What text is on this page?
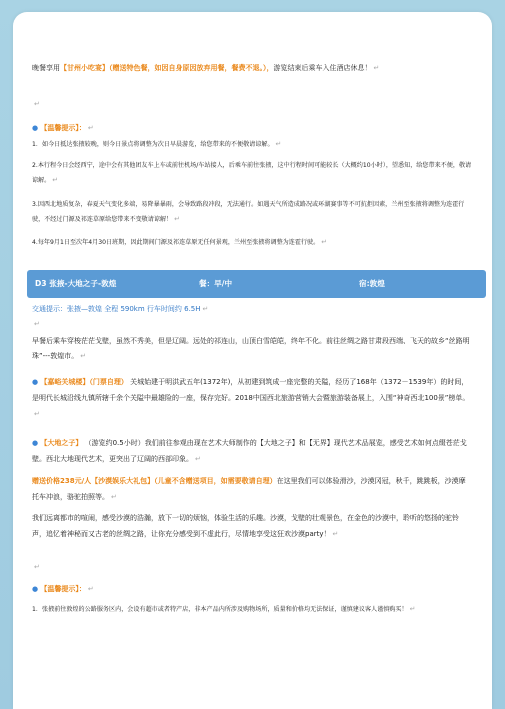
晚餐享用【甘州小吃宴】（赠送特色餐，如因自身原因放弃用餐，餐费不退。），游览结束后乘车入住酒店休息！ ↵
↵
● 【温馨提示】： ↵
1．如今日抵达张掖较晚，则今日景点将调整为次日早晨游览，给您带来的不便敬请谅解。 ↵
2.本行程今日会经西宁，途中会有其他团友车上车或前往机场/车站接人，后乘车前往张掖，这中行程时间可能较长（大概约10小时），望悉知，给您带来不便，敬请谅解。 ↵
3.因西北地质复杂，春夏天气变化多端，易降暴暴雨，会导致路段冲段，无法通行。如遇天气所造成路况或环湖赛事等不可抗拒因素，兰州至张掖将调整为连霍行驶，不经过门源及祁连草原给您带来不变敬请谅解！ ↵
4.每年9月1日至次年4月30日班期，因此期间门源及祁连草原无任何景观，兰州至张掖将调整为连霍行驶。 ↵
D3 张掖-大地之子-敦煌	餐：早/中	宿:敦煌
交通提示：张掖—敦煌 全程 590km 行车时间约 6.5H ↵
↵
早餐后乘车穿梭茫茫戈壁，虽然不秀美，但是辽阔。远处的祁连山，山顶白雪皑皑，终年不化。前往丝绸之路甘肃段西端、飞天的故乡“丝路明珠”---敦煌市。 ↵
● 【嘉峪关城楼】（门票自理） 关城始建于明洪武五年(1372年)，从初建到筑成一座完整的关隘，经历了168年（1372－1539年）的时间，是明代长城沿线九镇所辖千余个关隘中最雄险的一座，保存完好。2018中国西北旅游营销大会暨旅游装备展上，入围“神奇西北100景”榜单。↵
● 【大地之子】 （游览约0.5小时）我们前往参观由现在艺术大师制作的【大地之子】和【无界】现代艺术品展览，感受艺术如何点缀苍茫戈壁。西北大地现代艺术，更突出了辽阔的西部印象。 ↵
赠送价格238元/人【沙漠娱乐大礼包】（儿童不含赠送项目，如需要敬请自理）在这里我们可以体验滑沙，沙漠冈冠，秋千，跳跳板，沙漠摩托车冲浪，骆驼拍照等。 ↵
我们远离都市的喧闹，感受沙漠的浩瀚，放下一切的烦恼，体验生活的乐趣。沙漠，戈壁的壮观景色，在金色的沙漠中，聆听的悠扬的驼铃声，追忆着神秘而又古老的丝绸之路，让你充分感受到不虚此行，尽情地享受这狂欢沙漠party！ ↵
↵
● 【温馨提示】： ↵
1．张掖前往敦煌的公路服务区内，会设有超市或者特产店，非本产品内所涉及购物场所，质量和价格均无法保证，谨慎建议客人谨慎购买！ ↵
